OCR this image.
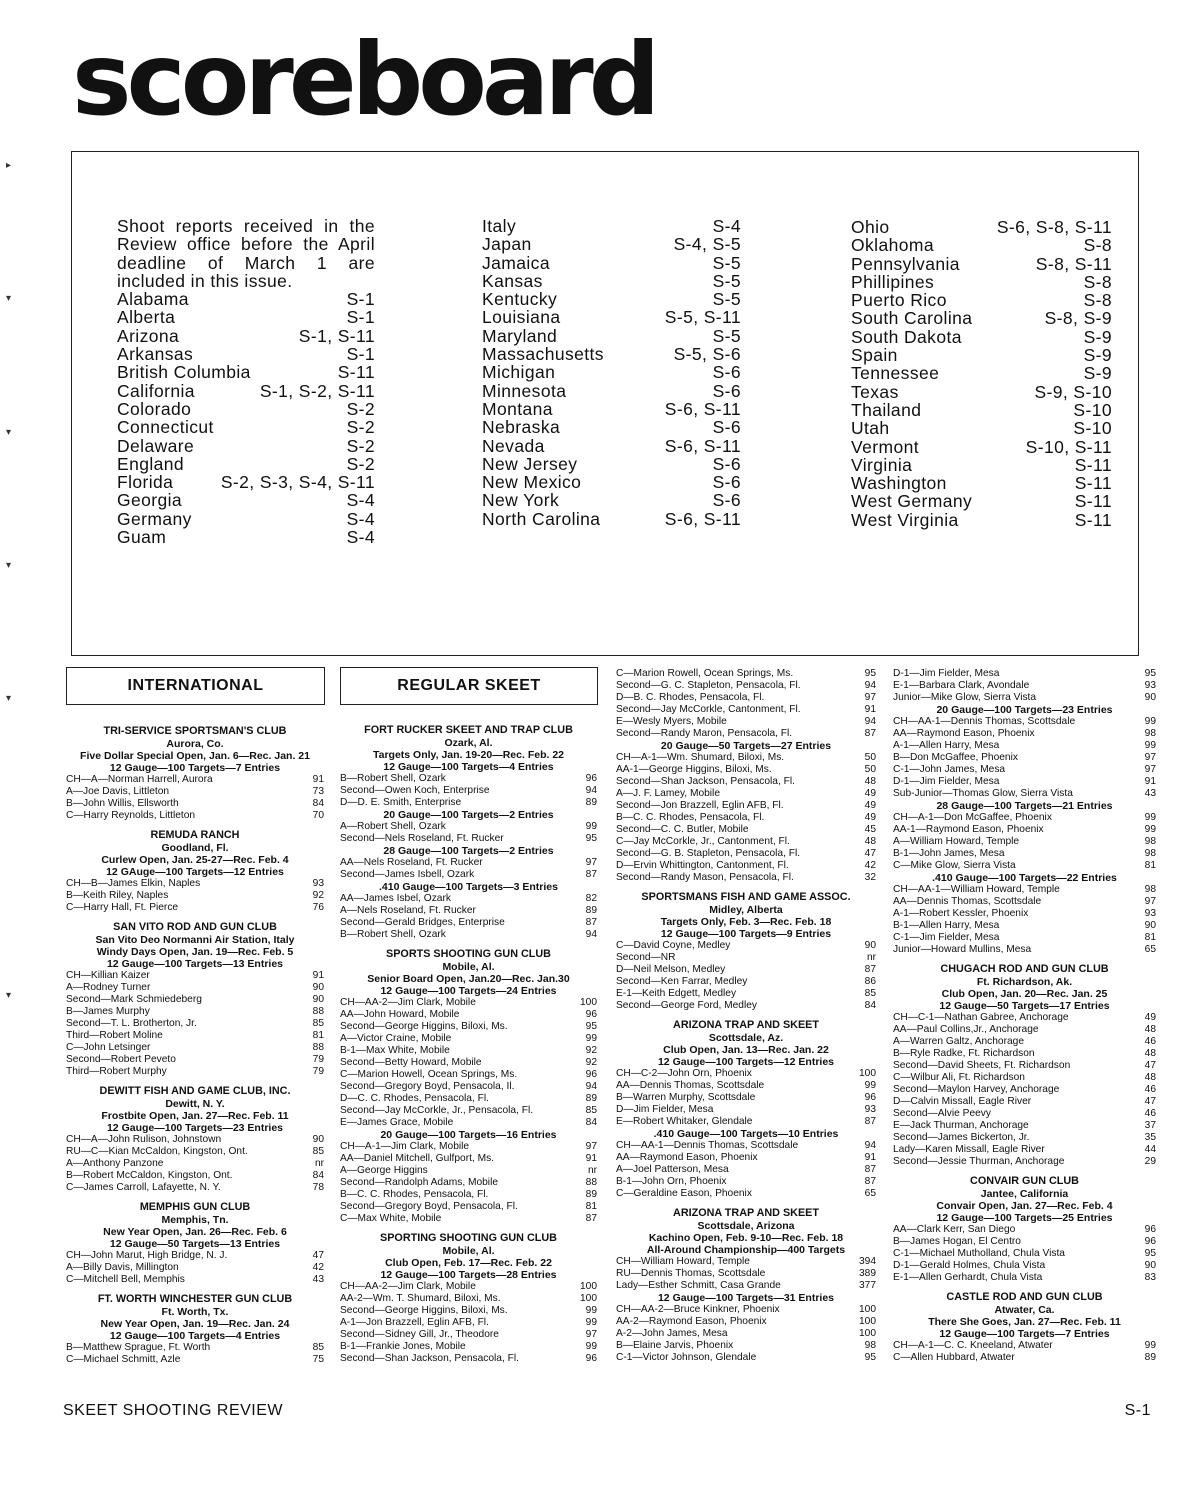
scoreboard
▸
▾
▾
▾
▾
▾
Shoot reports received in the Review office before the April deadline of March 1 are included in this issue.
Alabama	S-1
Alberta	S-1
Arizona	S-1, S-11
Arkansas	S-1
British Columbia	S-11
California	S-1, S-2, S-11
Colorado	S-2
Connecticut	S-2
Delaware	S-2
England	S-2
Florida	S-2, S-3, S-4, S-11
Georgia	S-4
Germany	S-4
Guam	S-4
Italy	S-4
Japan	S-4, S-5
Jamaica	S-5
Kansas	S-5
Kentucky	S-5
Louisiana	S-5, S-11
Maryland	S-5
Massachusetts	S-5, S-6
Michigan	S-6
Minnesota	S-6
Montana	S-6, S-11
Nebraska	S-6
Nevada	S-6, S-11
New Jersey	S-6
New Mexico	S-6
New York	S-6
North Carolina	S-6, S-11
Ohio	S-6, S-8, S-11
Oklahoma	S-8
Pennsylvania	S-8, S-11
Phillipines	S-8
Puerto Rico	S-8
South Carolina	S-8, S-9
South Dakota	S-9
Spain	S-9
Tennessee	S-9
Texas	S-9, S-10
Thailand	S-10
Utah	S-10
Vermont	S-10, S-11
Virginia	S-11
Washington	S-11
West Germany	S-11
West Virginia	S-11
INTERNATIONAL	REGULAR SKEET
TRI-SERVICE SPORTSMAN'S CLUB
Aurora, Co.
Five Dollar Special Open, Jan. 6—Rec. Jan. 21
12 Gauge—100 Targets—7 Entries
CH—A—Norman Harrell, Aurora	91
A—Joe Davis, Littleton	73
B—John Willis, Ellsworth	84
C—Harry Reynolds, Littleton	70
REMUDA RANCH
Goodland, Fl.
Curlew Open, Jan. 25-27—Rec. Feb. 4
12 GAuge—100 Targets—12 Entries
CH—B—James Elkin, Naples	93
B—Keith Riley, Naples	92
C—Harry Hall, Ft. Pierce	76
SAN VITO ROD AND GUN CLUB
San Vito Deo Normanni Air Station, Italy
Windy Days Open, Jan. 19—Rec. Feb. 5
12 Gauge—100 Targets—13 Entries
CH—Killian Kaizer	91
A—Rodney Turner	90
Second—Mark Schmiedeberg	90
B—James Murphy	88
Second—T. L. Brotherton, Jr.	85
Third—Robert Moline	81
C—John Letsinger	88
Second—Robert Peveto	79
Third—Robert Murphy	79
DEWITT FISH AND GAME CLUB, INC.
Dewitt, N. Y.
Frostbite Open, Jan. 27—Rec. Feb. 11
12 Gauge—100 Targets—23 Entries
CH—A—John Rulison, Johnstown	90
RU—C—Kian McCaldon, Kingston, Ont.	85
A—Anthony Panzone	nr
B—Robert McCaldon, Kingston, Ont.	84
C—James Carroll, Lafayette, N. Y.	78
MEMPHIS GUN CLUB
Memphis, Tn.
New Year Open, Jan. 26—Rec. Feb. 6
12 Gauge—50 Targets—13 Entries
CH—John Marut, High Bridge, N. J.	47
A—Billy Davis, Millington	42
C—Mitchell Bell, Memphis	43
FT. WORTH WINCHESTER GUN CLUB
Ft. Worth, Tx.
New Year Open, Jan. 19—Rec. Jan. 24
12 Gauge—100 Targets—4 Entries
B—Matthew Sprague, Ft. Worth	85
C—Michael Schmitt, Azle	75
FORT RUCKER SKEET AND TRAP CLUB
Ozark, Al.
Targets Only, Jan. 19-20—Rec. Feb. 22
12 Gauge—100 Targets—4 Entries
B—Robert Shell, Ozark	96
Second—Owen Koch, Enterprise	94
D—D. E. Smith, Enterprise	89
20 Gauge—100 Targets—2 Entries
A—Robert Shell, Ozark	99
Second—Nels Roseland, Ft. Rucker	95
28 Gauge—100 Targets—2 Entries
AA—Nels Roseland, Ft. Rucker	97
Second—James Isbell, Ozark	87
.410 Gauge—100 Targets—3 Entries
AA—James Isbel, Ozark	82
A—Nels Roseland, Ft. Rucker	89
Second—Gerald Bridges, Enterprise	87
B—Robert Shell, Ozark	94
SPORTS SHOOTING GUN CLUB
Mobile, Al.
Senior Board Open, Jan.20—Rec. Jan.30
12 Gauge—100 Targets—24 Entries
CH—AA-2—Jim Clark, Mobile	100
AA—John Howard, Mobile	96
Second—George Higgins, Biloxi, Ms.	95
A—Victor Craine, Mobile	99
B-1—Max White, Mobile	92
Second—Betty Howard, Mobile	92
C—Marion Howell, Ocean Springs, Ms.	96
Second—Gregory Boyd, Pensacola, Il.	94
D—C. C. Rhodes, Pensacola, Fl.	89
Second—Jay McCorkle, Jr., Pensacola, Fl.	85
E—James Grace, Mobile	84
20 Gauge—100 Targets—16 Entries
CH—A-1—Jim Clark, Mobile	97
AA—Daniel Mitchell, Gulfport, Ms.	91
A—George Higgins	nr
Second—Randolph Adams, Mobile	88
B—C. C. Rhodes, Pensacola, Fl.	89
Second—Gregory Boyd, Pensacola, Fl.	81
C—Max White, Mobile	87
SPORTING SHOOTING GUN CLUB
Mobile, Al.
Club Open, Feb. 17—Rec. Feb. 22
12 Gauge—100 Targets—28 Entries
CH—AA-2—Jim Clark, Mobile	100
AA-2—Wm. T. Shumard, Biloxi, Ms.	100
Second—George Higgins, Biloxi, Ms.	99
A-1—Jon Brazzell, Eglin AFB, Fl.	99
Second—Sidney Gill, Jr., Theodore	97
B-1—Frankie Jones, Mobile	99
Second—Shan Jackson, Pensacola, Fl.	96
C—Marion Rowell, Ocean Springs, Ms.	95
Second—G. C. Stapleton, Pensacola, Fl.	94
D—B. C. Rhodes, Pensacola, Fl.	97
Second—Jay McCorkle, Cantonment, Fl.	91
E—Wesly Myers, Mobile	94
Second—Randy Maron, Pensacola, Fl.	87
20 Gauge—50 Targets—27 Entries
CH—A-1—Wm. Shumard, Biloxi, Ms.	50
AA-1—George Higgins, Biloxi, Ms.	50
Second—Shan Jackson, Pensacola, Fl.	48
A—J. F. Lamey, Mobile	49
Second—Jon Brazzell, Eglin AFB, Fl.	49
B—C. C. Rhodes, Pensacola, Fl.	49
Second—C. C. Butler, Mobile	45
C—Jay McCorkle, Jr., Cantonment, Fl.	48
Second—G. B. Stapleton, Pensacola, Fl.	47
D—Ervin Whittington, Cantonment, Fl.	42
Second—Randy Mason, Pensacola, Fl.	32
SPORTSMANS FISH AND GAME ASSOC.
Midley, Alberta
Targets Only, Feb. 3—Rec. Feb. 18
12 Gauge—100 Targets—9 Entries
C—David Coyne, Medley	90
Second—NR	nr
D—Neil Melson, Medley	87
Second—Ken Farrar, Medley	86
E-1—Keith Edgett, Medley	85
Second—George Ford, Medley	84
ARIZONA TRAP AND SKEET
Scottsdale, Az.
Club Open, Jan. 13—Rec. Jan. 22
12 Gauge—100 Targets—12 Entries
CH—C-2—John Orn, Phoenix	100
AA—Dennis Thomas, Scottsdale	99
B—Warren Murphy, Scottsdale	96
D—Jim Fielder, Mesa	93
E—Robert Whitaker, Glendale	87
.410 Gauge—100 Targets—10 Entries
CH—AA-1—Dennis Thomas, Scottsdale	94
AA—Raymond Eason, Phoenix	91
A—Joel Patterson, Mesa	87
B-1—John Orn, Phoenix	87
C—Geraldine Eason, Phoenix	65
ARIZONA TRAP AND SKEET
Scottsdale, Arizona
Kachino Open, Feb. 9-10—Rec. Feb. 18
All-Around Championship—400 Targets
CH—William Howard, Temple	394
RU—Dennis Thomas, Scottsdale	389
Lady—Esther Schmitt, Casa Grande	377
12 Gauge—100 Targets—31 Entries
CH—AA-2—Bruce Kinkner, Phoenix	100
AA-2—Raymond Eason, Phoenix	100
A-2—John James, Mesa	100
B—Elaine Jarvis, Phoenix	98
C-1—Victor Johnson, Glendale	95
D-1—Jim Fielder, Mesa	95
E-1—Barbara Clark, Avondale	93
Junior—Mike Glow, Sierra Vista	90
20 Gauge—100 Targets—23 Entries
CH—AA-1—Dennis Thomas, Scottsdale	99
AA—Raymond Eason, Phoenix	98
A-1—Allen Harry, Mesa	99
B—Don McGaffee, Phoenix	97
C-1—John James, Mesa	97
D-1—Jim Fielder, Mesa	91
Sub-Junior—Thomas Glow, Sierra Vista	43
28 Gauge—100 Targets—21 Entries
CH—A-1—Don McGaffee, Phoenix	99
AA-1—Raymond Eason, Phoenix	99
A—William Howard, Temple	98
B-1—John James, Mesa	98
C—Mike Glow, Sierra Vista	81
.410 Gauge—100 Targets—22 Entries
CH—AA-1—William Howard, Temple	98
AA—Dennis Thomas, Scottsdale	97
A-1—Robert Kessler, Phoenix	93
B-1—Allen Harry, Mesa	90
C-1—Jim Fielder, Mesa	81
Junior—Howard Mullins, Mesa	65
CHUGACH ROD AND GUN CLUB
Ft. Richardson, Ak.
Club Open, Jan. 20—Rec. Jan. 25
12 Gauge—50 Targets—17 Entries
CH—C-1—Nathan Gabree, Anchorage	49
AA—Paul Collins,Jr., Anchorage	48
A—Warren Galtz, Anchorage	46
B—Ryle Radke, Ft. Richardson	48
Second—David Sheets, Ft. Richardson	47
C—Wilbur Ali, Ft. Richardson	48
Second—Maylon Harvey, Anchorage	46
D—Calvin Missall, Eagle River	47
Second—Alvie Peevy	46
E—Jack Thurman, Anchorage	37
Second—James Bickerton, Jr.	35
Lady—Karen Missall, Eagle River	44
Second—Jessie Thurman, Anchorage	29
CONVAIR GUN CLUB
Jantee, California
Convair Open, Jan. 27—Rec. Feb. 4
12 Gauge—100 Targets—25 Entries
AA—Clark Kerr, San Diego	96
B—James Hogan, El Centro	96
C-1—Michael Mutholland, Chula Vista	95
D-1—Gerald Holmes, Chula Vista	90
E-1—Allen Gerhardt, Chula Vista	83
CASTLE ROD AND GUN CLUB
Atwater, Ca.
There She Goes, Jan. 27—Rec. Feb. 11
12 Gauge—100 Targets—7 Entries
CH—A-1—C. C. Kneeland, Atwater	99
C—Allen Hubbard, Atwater	89
SKEET SHOOTING REVIEW	S-1
